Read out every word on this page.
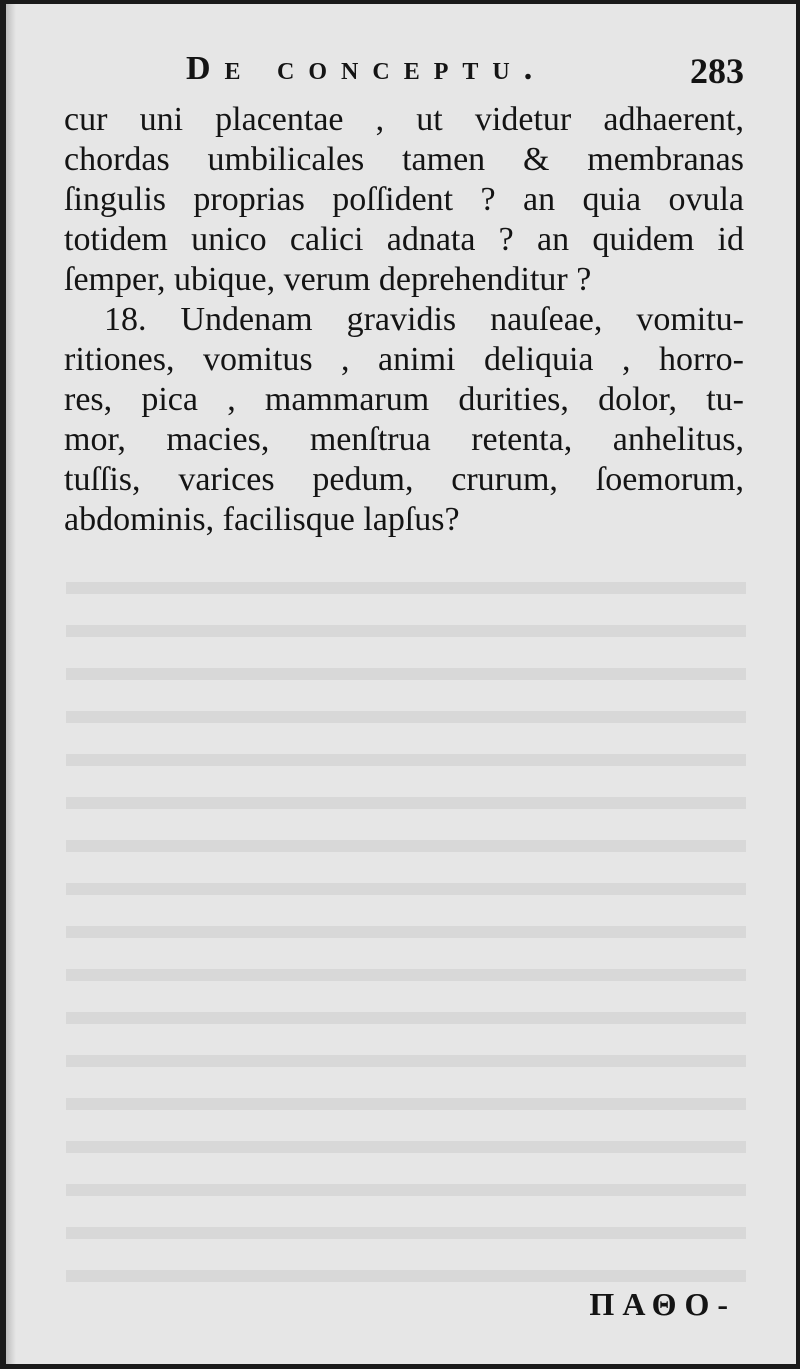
De conceptu.	283
cur uni placentae , ut videtur adhaerent,
chordas umbilicales tamen & membranas
ſingulis proprias poſſident ? an quia ovula
totidem unico calici adnata ? an quidem id
ſemper, ubique, verum deprehenditur ?
18. Undenam gravidis nauſeae, vomitu-
ritiones, vomitus , animi deliquia , horro-
res, pica , mammarum durities, dolor, tu-
mor, macies, menſtrua retenta, anhelitus,
tuſſis, varices pedum, crurum, ſoemorum,
abdominis, facilisque lapſus?
ΠΑΘΟ-
